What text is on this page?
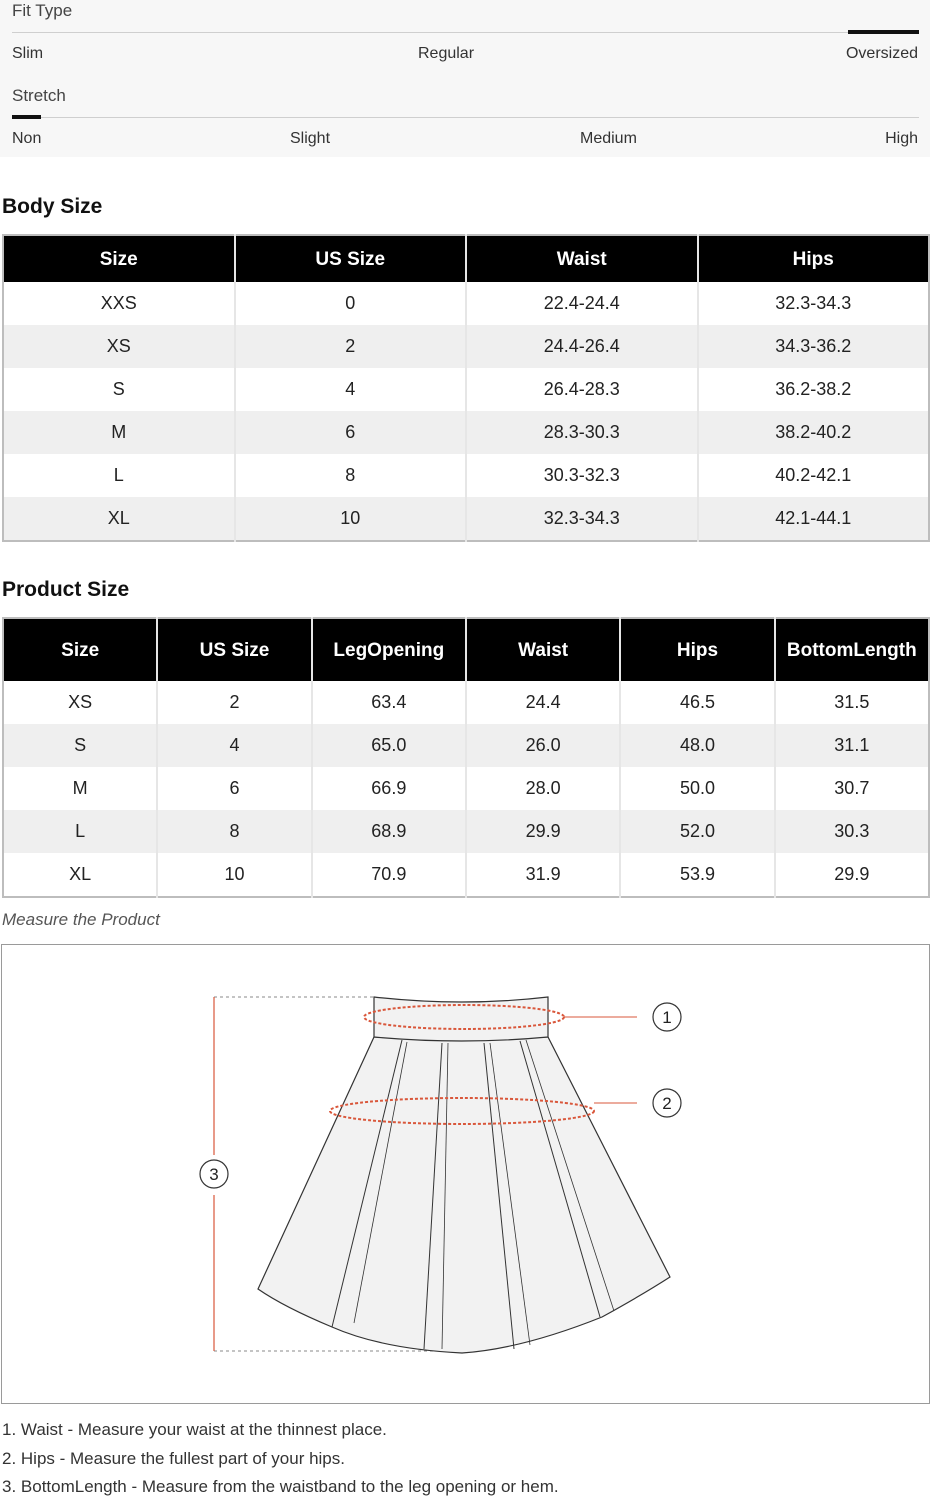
Fit Type
Slim	Regular	Oversized
Stretch
Non	Slight	Medium	High
Body Size
Size	US Size	Waist	Hips
XXS	0	22.4-24.4	32.3-34.3
XS	2	24.4-26.4	34.3-36.2
S	4	26.4-28.3	36.2-38.2
M	6	28.3-30.3	38.2-40.2
L	8	30.3-32.3	40.2-42.1
XL	10	32.3-34.3	42.1-44.1
Product Size
Size	US Size	LegOpening	Waist	Hips	BottomLength
XS	2	63.4	24.4	46.5	31.5
S	4	65.0	26.0	48.0	31.1
M	6	66.9	28.0	50.0	30.7
L	8	68.9	29.9	52.0	30.3
XL	10	70.9	31.9	53.9	29.9
Measure the Product
1
2
3
1. Waist - Measure your waist at the thinnest place.
2. Hips - Measure the fullest part of your hips.
3. BottomLength - Measure from the waistband to the leg opening or hem.
